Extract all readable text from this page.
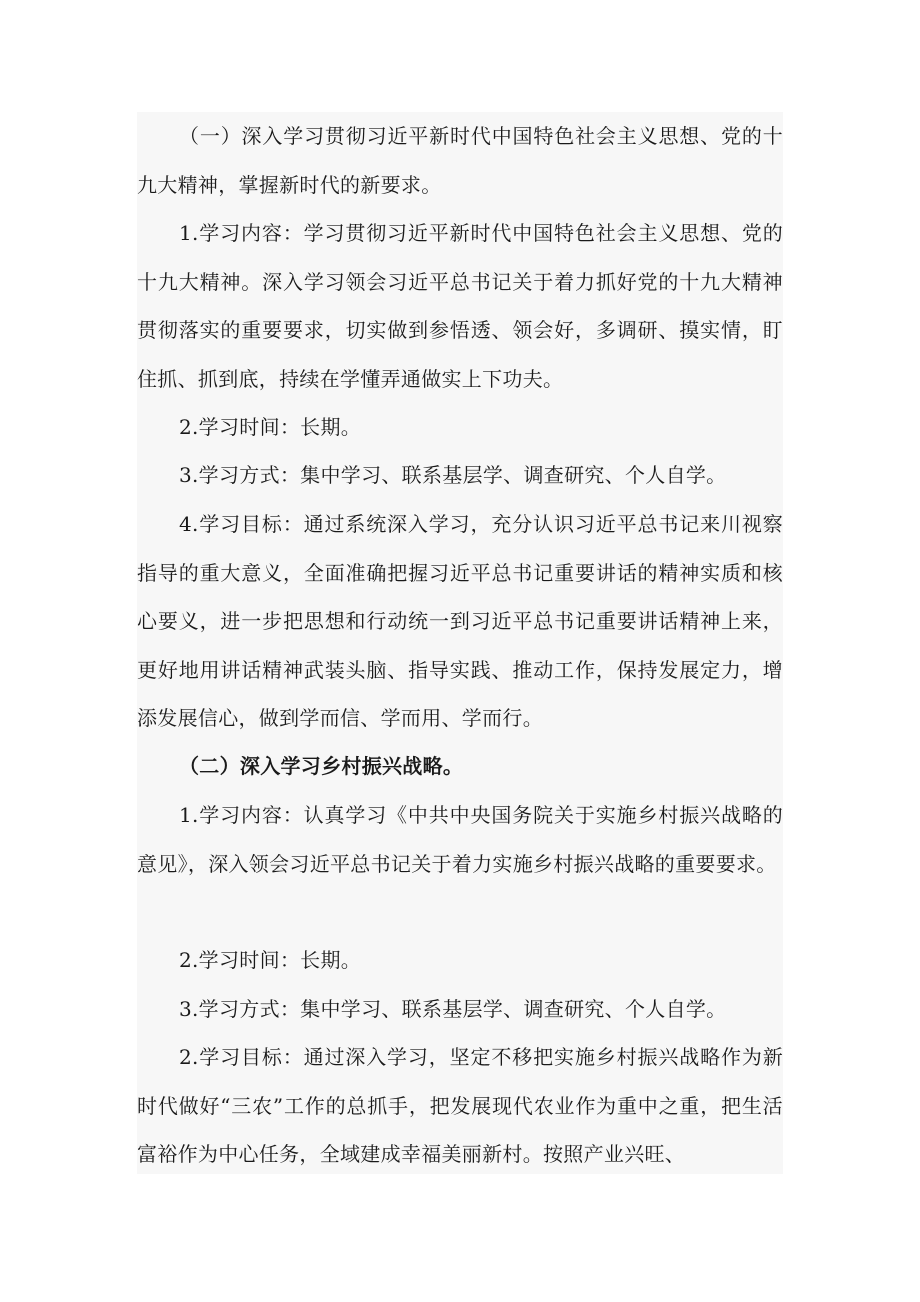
（一）深入学习贯彻习近平新时代中国特色社会主义思想、党的十九大精神，掌握新时代的新要求。

1.学习内容：学习贯彻习近平新时代中国特色社会主义思想、党的十九大精神。深入学习领会习近平总书记关于着力抓好党的十九大精神贯彻落实的重要要求，切实做到参悟透、领会好，多调研、摸实情，盯住抓、抓到底，持续在学懂弄通做实上下功夫。

2.学习时间：长期。

3.学习方式：集中学习、联系基层学、调查研究、个人自学。

4.学习目标：通过系统深入学习，充分认识习近平总书记来川视察指导的重大意义，全面准确把握习近平总书记重要讲话的精神实质和核心要义，进一步把思想和行动统一到习近平总书记重要讲话精神上来，更好地用讲话精神武装头脑、指导实践、推动工作，保持发展定力，增添发展信心，做到学而信、学而用、学而行。

（二）深入学习乡村振兴战略。

1.学习内容：认真学习《中共中央国务院关于实施乡村振兴战略的意见》，深入领会习近平总书记关于着力实施乡村振兴战略的重要要求。

2.学习时间：长期。

3.学习方式：集中学习、联系基层学、调查研究、个人自学。

2.学习目标：通过深入学习，坚定不移把实施乡村振兴战略作为新时代做好“三农”工作的总抓手，把发展现代农业作为重中之重，把生活富裕作为中心任务，全域建成幸福美丽新村。按照产业兴旺、
